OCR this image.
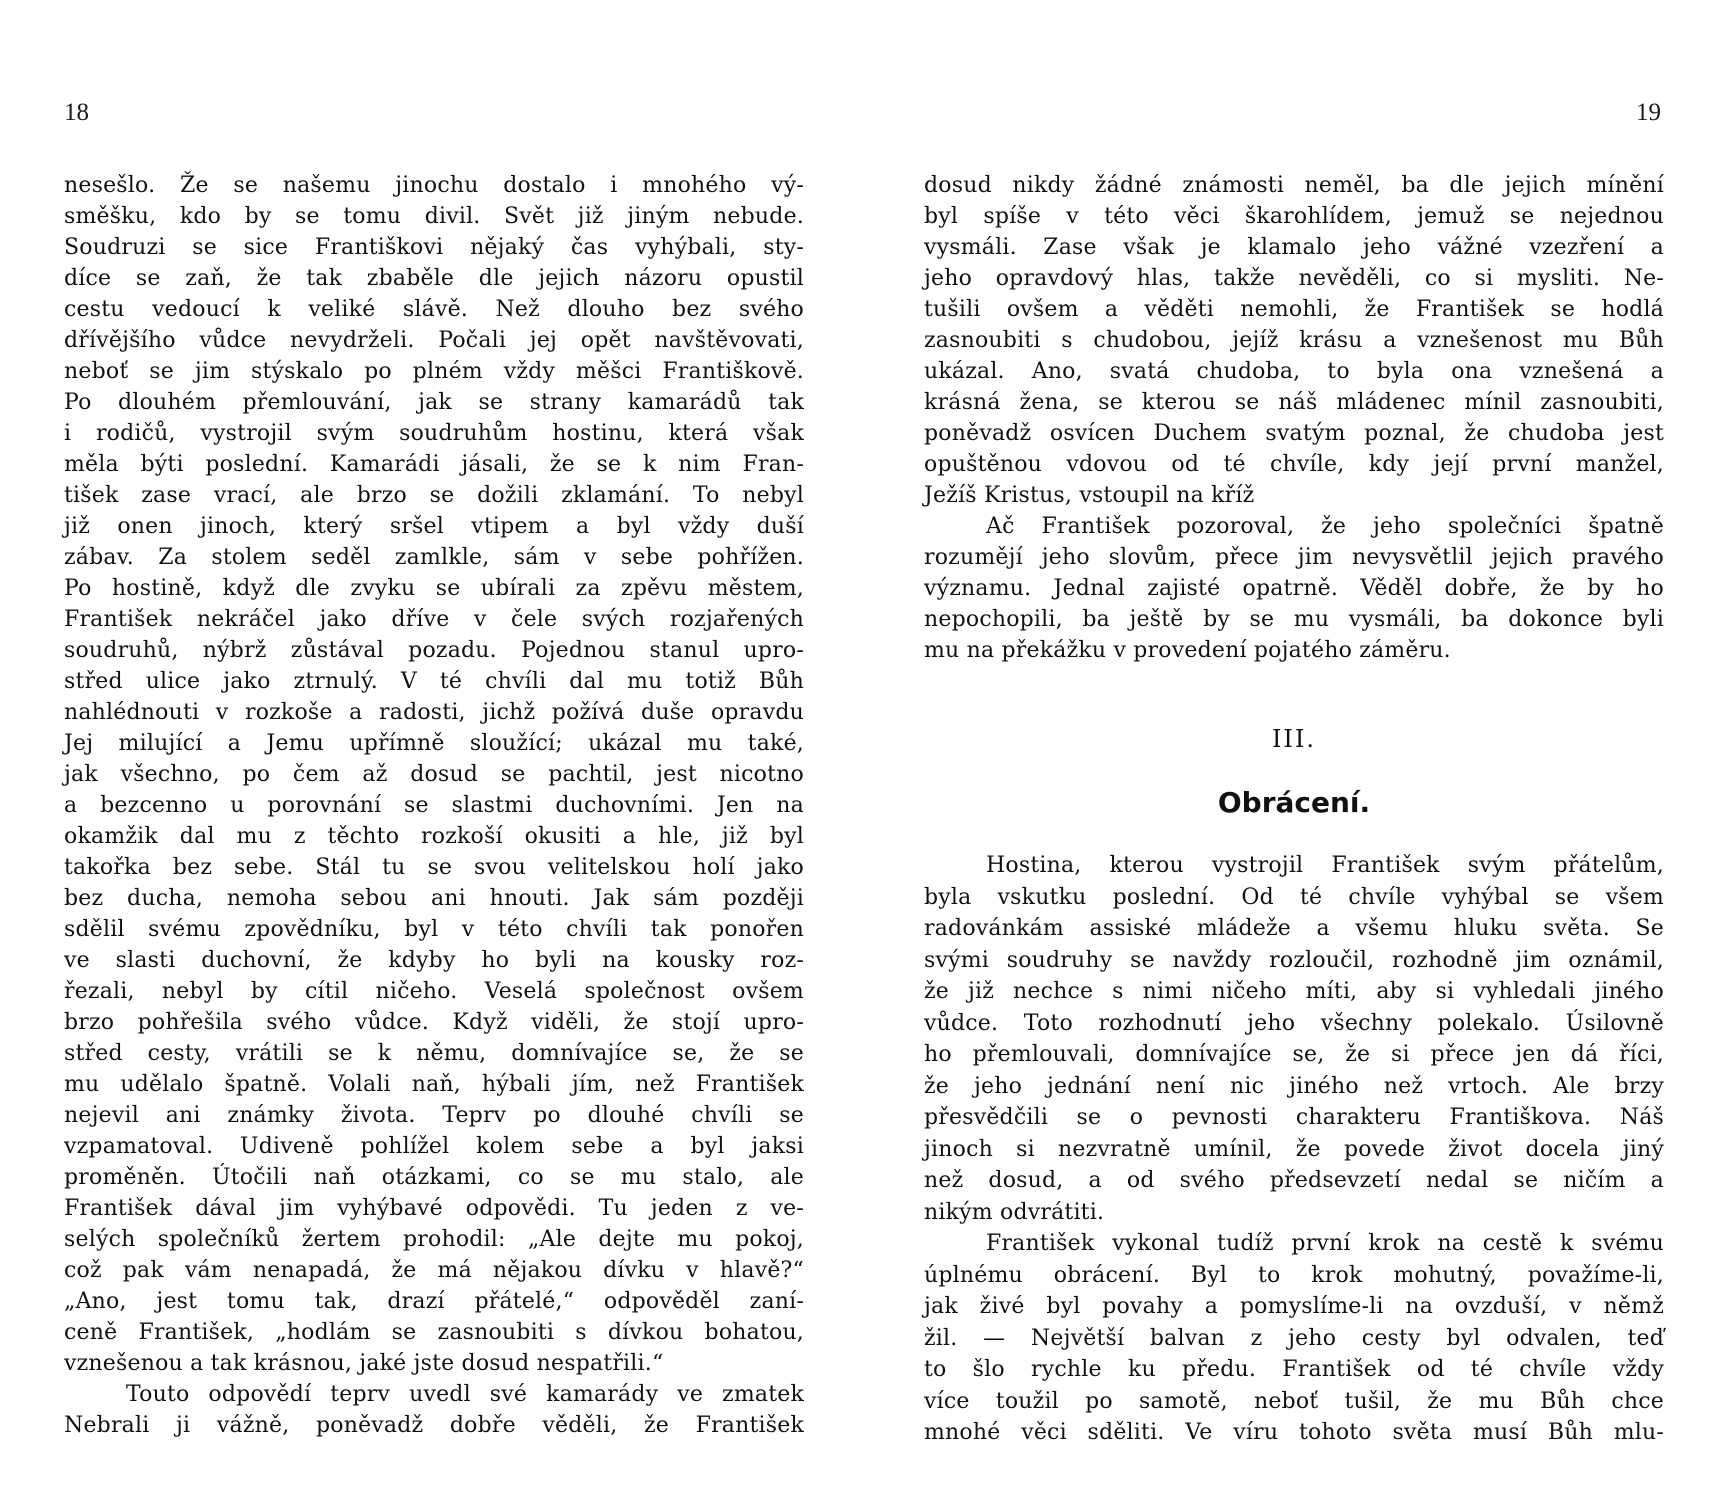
18	19
nesešlo. Že se našemu jinochu dostalo i mnohého vý-
směšku, kdo by se tomu divil. Svět již jiným nebude.
Soudruzi se sice Františkovi nějaký čas vyhýbali, sty-
díce se zaň, že tak zbaběle dle jejich názoru opustil
cestu vedoucí k veliké slávě. Než dlouho bez svého
dřívějšího vůdce nevydrželi. Počali jej opět navštěvovati,
neboť se jim stýskalo po plném vždy měšci Františkově.
Po dlouhém přemlouvání, jak se strany kamarádů tak
i rodičů, vystrojil svým soudruhům hostinu, která však
měla býti poslední. Kamarádi jásali, že se k nim Fran-
tišek zase vrací, ale brzo se dožili zklamání. To nebyl
již onen jinoch, který sršel vtipem a byl vždy duší
zábav. Za stolem seděl zamlkle, sám v sebe pohřížen.
Po hostině, když dle zvyku se ubírali za zpěvu městem,
František nekráčel jako dříve v čele svých rozjařených
soudruhů, nýbrž zůstával pozadu. Pojednou stanul upro-
střed ulice jako ztrnulý. V té chvíli dal mu totiž Bůh
nahlédnouti v rozkoše a radosti, jichž požívá duše opravdu
Jej milující a Jemu upřímně sloužící; ukázal mu také,
jak všechno, po čem až dosud se pachtil, jest nicotno
a bezcenno u porovnání se slastmi duchovními. Jen na
okamžik dal mu z těchto rozkoší okusiti a hle, již byl
takořka bez sebe. Stál tu se svou velitelskou holí jako
bez ducha, nemoha sebou ani hnouti. Jak sám později
sdělil svému zpovědníku, byl v této chvíli tak ponořen
ve slasti duchovní, že kdyby ho byli na kousky roz-
řezali, nebyl by cítil ničeho. Veselá společnost ovšem
brzo pohřešila svého vůdce. Když viděli, že stojí upro-
střed cesty, vrátili se k němu, domnívajíce se, že se
mu udělalo špatně. Volali naň, hýbali jím, než František
nejevil ani známky života. Teprv po dlouhé chvíli se
vzpamatoval. Udiveně pohlížel kolem sebe a byl jaksi
proměněn. Útočili naň otázkami, co se mu stalo, ale
František dával jim vyhýbavé odpovědi. Tu jeden z ve-
selých společníků žertem prohodil: „Ale dejte mu pokoj,
což pak vám nenapadá, že má nějakou dívku v hlavě?“
„Ano, jest tomu tak, drazí přátelé,“ odpověděl zaní-
ceně František, „hodlám se zasnoubiti s dívkou bohatou,
vznešenou a tak krásnou, jaké jste dosud nespatřili.“
Touto odpovědí teprv uvedl své kamarády ve zmatek
Nebrali ji vážně, poněvadž dobře věděli, že František
dosud nikdy žádné známosti neměl, ba dle jejich mínění
byl spíše v této věci škarohlídem, jemuž se nejednou
vysmáli. Zase však je klamalo jeho vážné vzezření a
jeho opravdový hlas, takže nevěděli, co si mysliti. Ne-
tušili ovšem a věděti nemohli, že František se hodlá
zasnoubiti s chudobou, jejíž krásu a vznešenost mu Bůh
ukázal. Ano, svatá chudoba, to byla ona vznešená a
krásná žena, se kterou se náš mládenec mínil zasnoubiti,
poněvadž osvícen Duchem svatým poznal, že chudoba jest
opuštěnou vdovou od té chvíle, kdy její první manžel,
Ježíš Kristus, vstoupil na kříž
Ač František pozoroval, že jeho společníci špatně
rozumějí jeho slovům, přece jim nevysvětlil jejich pravého
významu. Jednal zajisté opatrně. Věděl dobře, že by ho
nepochopili, ba ještě by se mu vysmáli, ba dokonce byli
mu na překážku v provedení pojatého záměru.
III.
Obrácení.
Hostina, kterou vystrojil František svým přátelům,
byla vskutku poslední. Od té chvíle vyhýbal se všem
radovánkám assiské mládeže a všemu hluku světa. Se
svými soudruhy se navždy rozloučil, rozhodně jim oznámil,
že již nechce s nimi ničeho míti, aby si vyhledali jiného
vůdce. Toto rozhodnutí jeho všechny polekalo. Úsilovně
ho přemlouvali, domnívajíce se, že si přece jen dá říci,
že jeho jednání není nic jiného než vrtoch. Ale brzy
přesvědčili se o pevnosti charakteru Františkova. Náš
jinoch si nezvratně umínil, že povede život docela jiný
než dosud, a od svého předsevzetí nedal se ničím a
nikým odvrátiti.
František vykonal tudíž první krok na cestě k svému
úplnému obrácení. Byl to krok mohutný, považíme-li,
jak živé byl povahy a pomyslíme-li na ovzduší, v němž
žil. — Největší balvan z jeho cesty byl odvalen, teď
to šlo rychle ku předu. František od té chvíle vždy
více toužil po samotě, neboť tušil, že mu Bůh chce
mnohé věci sděliti. Ve víru tohoto světa musí Bůh mlu-
